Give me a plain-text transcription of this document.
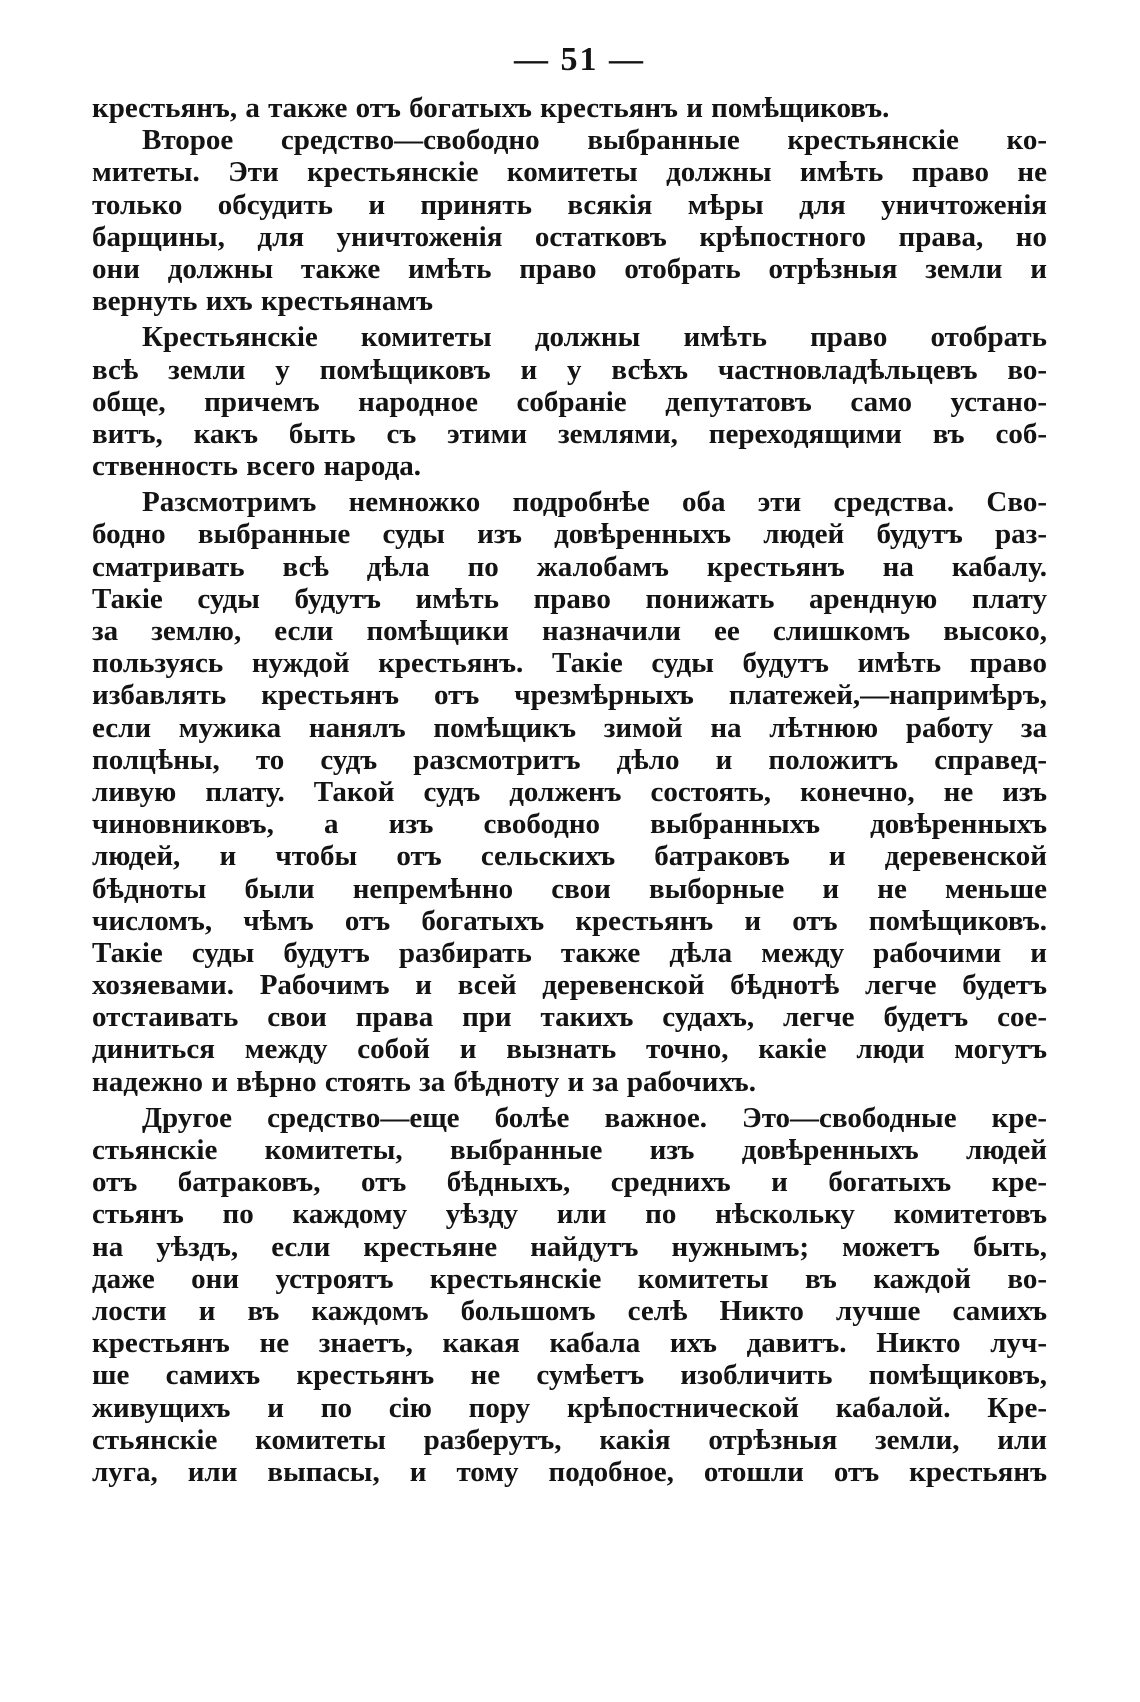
— 51 —
крестьянъ, а также отъ богатыхъ крестьянъ и помѣщиковъ.
Второе средство—свободно выбранные крестьянскіе ко-
митеты. Эти крестьянскіе комитеты должны имѣть право не
только обсудить и принять всякія мѣры для уничтоженія
барщины, для уничтоженія остатковъ крѣпостного права, но
они должны также имѣть право отобрать отрѣзныя земли и
вернуть ихъ крестьянамъ
Крестьянскіе комитеты должны имѣть право отобрать
всѣ земли у помѣщиковъ и у всѣхъ частновладѣльцевъ во-
обще, причемъ народное собраніе депутатовъ само устано-
витъ, какъ быть съ этими землями, переходящими въ соб-
ственность всего народа.
Разсмотримъ немножко подробнѣе оба эти средства. Сво-
бодно выбранные суды изъ довѣренныхъ людей будутъ раз-
сматривать всѣ дѣла по жалобамъ крестьянъ на кабалу.
Такіе суды будутъ имѣть право понижать арендную плату
за землю, если помѣщики назначили ее слишкомъ высоко,
пользуясь нуждой крестьянъ. Такіе суды будутъ имѣть право
избавлять крестьянъ отъ чрезмѣрныхъ платежей,—напримѣръ,
если мужика нанялъ помѣщикъ зимой на лѣтнюю работу за
полцѣны, то судъ разсмотритъ дѣло и положитъ справед-
ливую плату. Такой судъ долженъ состоять, конечно, не изъ
чиновниковъ, а изъ свободно выбранныхъ довѣренныхъ
людей, и чтобы отъ сельскихъ батраковъ и деревенской
бѣдноты были непремѣнно свои выборные и не меньше
числомъ, чѣмъ отъ богатыхъ крестьянъ и отъ помѣщиковъ.
Такіе суды будутъ разбирать также дѣла между рабочими и
хозяевами. Рабочимъ и всей деревенской бѣднотѣ легче будетъ
отстаивать свои права при такихъ судахъ, легче будетъ сое-
диниться между собой и вызнать точно, какіе люди могутъ
надежно и вѣрно стоять за бѣдноту и за рабочихъ.
Другое средство—еще болѣе важное. Это—свободные кре-
стьянскіе комитеты, выбранные изъ довѣренныхъ людей
отъ батраковъ, отъ бѣдныхъ, среднихъ и богатыхъ кре-
стьянъ по каждому уѣзду или по нѣскольку комитетовъ
на уѣздъ, если крестьяне найдутъ нужнымъ; можетъ быть,
даже они устроятъ крестьянскіе комитеты въ каждой во-
лости и въ каждомъ большомъ селѣ Никто лучше самихъ
крестьянъ не знаетъ, какая кабала ихъ давитъ. Никто луч-
ше самихъ крестьянъ не сумѣетъ изобличить помѣщиковъ,
живущихъ и по сію пору крѣпостнической кабалой. Кре-
стьянскіе комитеты разберутъ, какія отрѣзныя земли, или
луга, или выпасы, и тому подобное, отошли отъ крестьянъ
